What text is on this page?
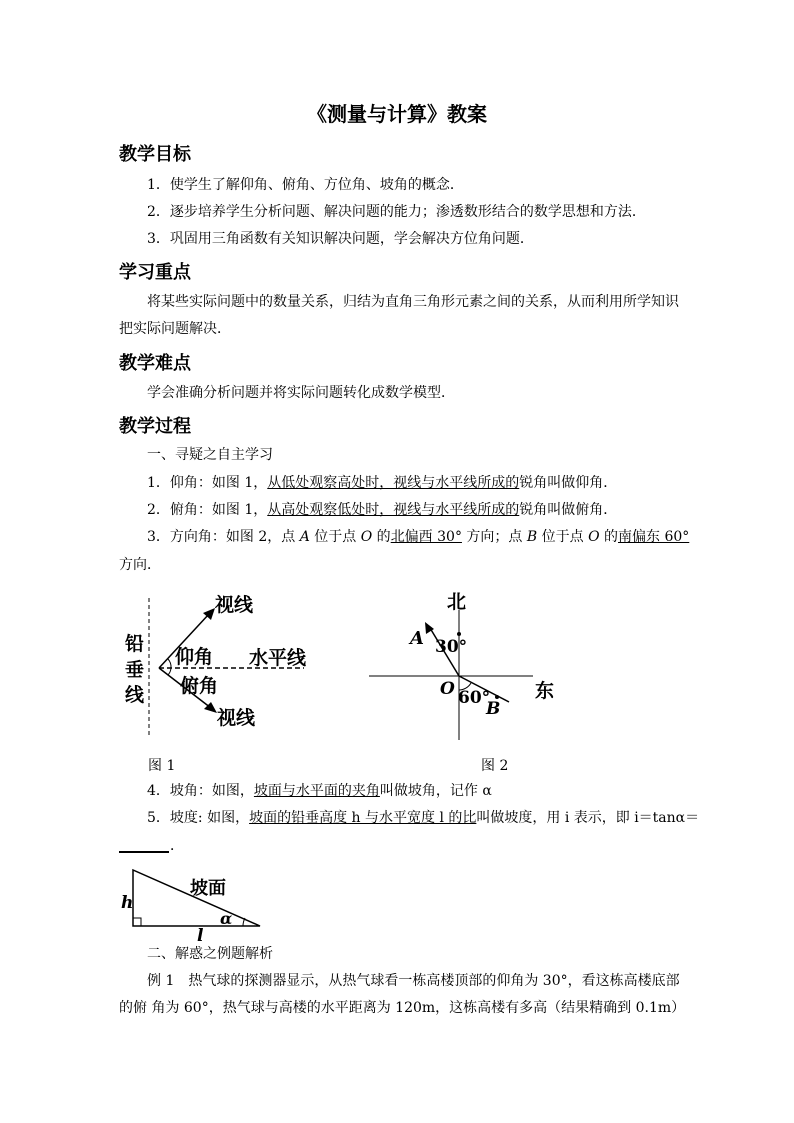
《测量与计算》教案
教学目标
1．使学生了解仰角、俯角、方位角、坡角的概念．
2．逐步培养学生分析问题、解决问题的能力；渗透数形结合的数学思想和方法．
3．巩固用三角函数有关知识解决问题，学会解决方位角问题．
学习重点
将某些实际问题中的数量关系，归结为直角三角形元素之间的关系，从而利用所学知识
把实际问题解决．
教学难点
学会准确分析问题并将实际问题转化成数学模型．
教学过程
一、寻疑之自主学习
1．仰角：如图 1，从低处观察高处时，视线与水平线所成的锐角叫做仰角．
2．俯角：如图 1，从高处观察低处时，视线与水平线所成的锐角叫做俯角．
3．方向角：如图 2，点 A 位于点 O 的北偏西 30° 方向；点 B 位于点 O 的南偏东 60°
方向．
铅
垂
线
视线
仰角 水平线
俯角
视线
北
东
A 30°
O 60°
B
图 1	图 2
4．坡角：如图，坡面与水平面的夹角叫做坡角，记作 α
5．坡度: 如图，坡面的铅垂高度 h 与水平宽度 l 的比叫做坡度，用 i 表示，即 i＝tanα＝
．
坡面
h
l
α
二、解惑之例题解析
例 1　热气球的探测器显示，从热气球看一栋高楼顶部的仰角为 30°，看这栋高楼底部
的俯 角为 60°，热气球与高楼的水平距离为 120m，这栋高楼有多高（结果精确到 0.1m）
